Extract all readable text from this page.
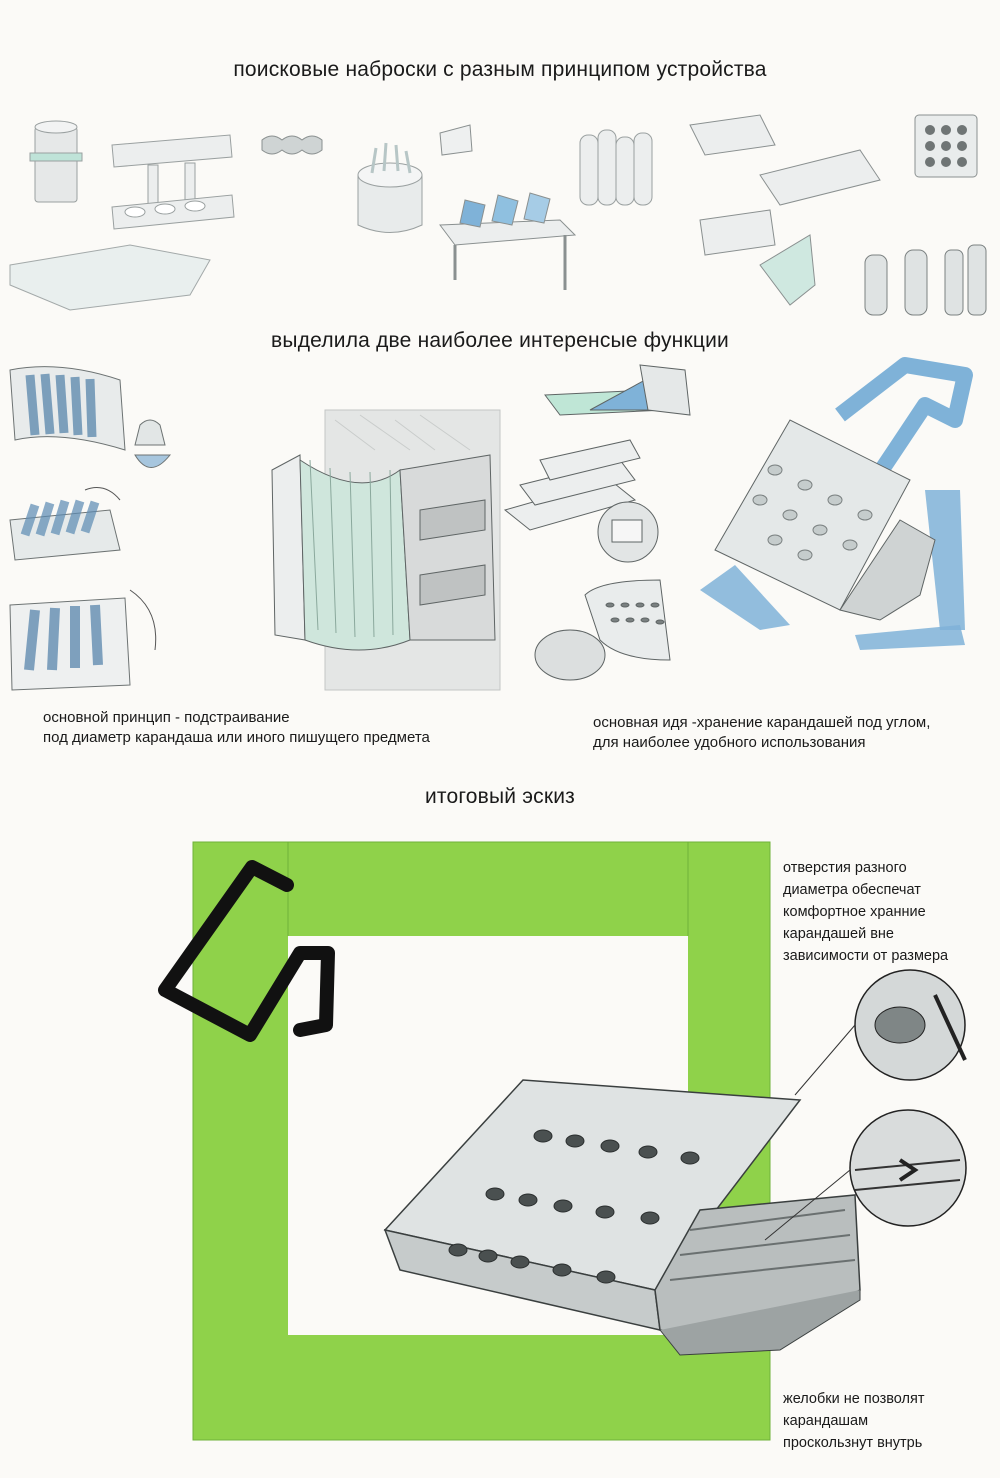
поисковые наброски с разным принципом устройства
выделила две наиболее интеренсые функции
основной принцип - подстраивание
под диаметр карандаша или иного пишущего предмета
основная идя -хранение карандашей под углом,
для наиболее удобного использования
итоговый эскиз
отверстия разного
диаметра обеспечат
комфортное хранние
карандашей вне
зависимости от размера
желобки не позволят
карандашам
проскользнут внутрь
